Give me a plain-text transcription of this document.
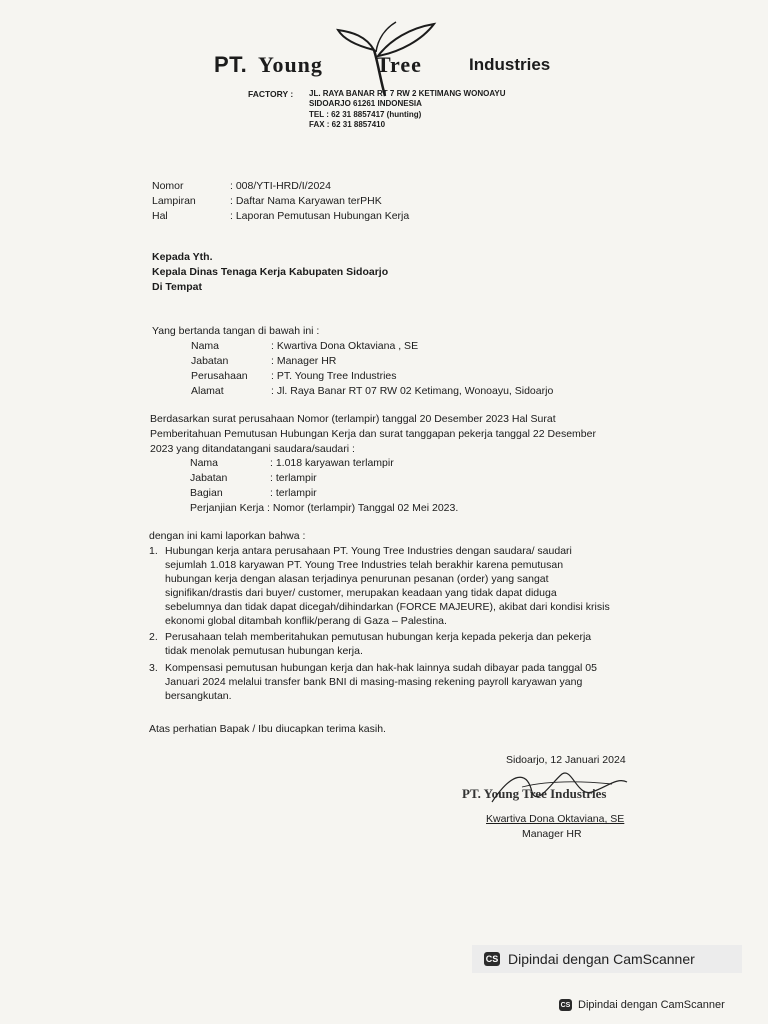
PT. Young Tree	Industries
FACTORY : JL. RAYA BANAR RT 7 RW 2 KETIMANG WONOAYU
SIDOARJO 61261 INDONESIA
TEL : 62 31 8857417 (hunting)
FAX : 62 31 8857410
Nomor	: 008/YTI-HRD/I/2024
Lampiran	: Daftar Nama Karyawan terPHK
Hal	: Laporan Pemutusan Hubungan Kerja
Kepada Yth.
Kepala Dinas Tenaga Kerja Kabupaten Sidoarjo
Di Tempat
Yang bertanda tangan di bawah ini :
Nama	: Kwartiva Dona Oktaviana , SE
Jabatan	: Manager HR
Perusahaan : PT. Young Tree Industries
Alamat	: Jl. Raya Banar RT 07 RW 02 Ketimang, Wonoayu, Sidoarjo
Berdasarkan surat perusahaan Nomor (terlampir) tanggal 20 Desember 2023 Hal Surat
Pemberitahuan Pemutusan Hubungan Kerja dan surat tanggapan pekerja tanggal 22 Desember
2023 yang ditandatangani saudara/saudari :
Nama	: 1.018 karyawan terlampir
Jabatan	: terlampir
Bagian	: terlampir
Perjanjian Kerja : Nomor (terlampir) Tanggal 02 Mei 2023.
dengan ini kami laporkan bahwa :
1. Hubungan kerja antara perusahaan PT. Young Tree Industries dengan saudara/ saudari
sejumlah 1.018 karyawan PT. Young Tree Industries telah berakhir karena pemutusan
hubungan kerja dengan alasan terjadinya penurunan pesanan (order) yang sangat
signifikan/drastis dari buyer/ customer, merupakan keadaan yang tidak dapat diduga
sebelumnya dan tidak dapat dicegah/dihindarkan (FORCE MAJEURE), akibat dari kondisi krisis
ekonomi global ditambah konflik/perang di Gaza – Palestina.
2. Perusahaan telah memberitahukan pemutusan hubungan kerja kepada pekerja dan pekerja
tidak menolak pemutusan hubungan kerja.
3. Kompensasi pemutusan hubungan kerja dan hak-hak lainnya sudah dibayar pada tanggal 05
Januari 2024 melalui transfer bank BNI di masing-masing rekening payroll karyawan yang
bersangkutan.
Atas perhatian Bapak / Ibu diucapkan terima kasih.
Sidoarjo, 12 Januari 2024
PT. Young Tree Industries
Kwartiva Dona Oktaviana, SE
Manager HR
CS Dipindai dengan CamScanner
CS Dipindai dengan CamScanner
